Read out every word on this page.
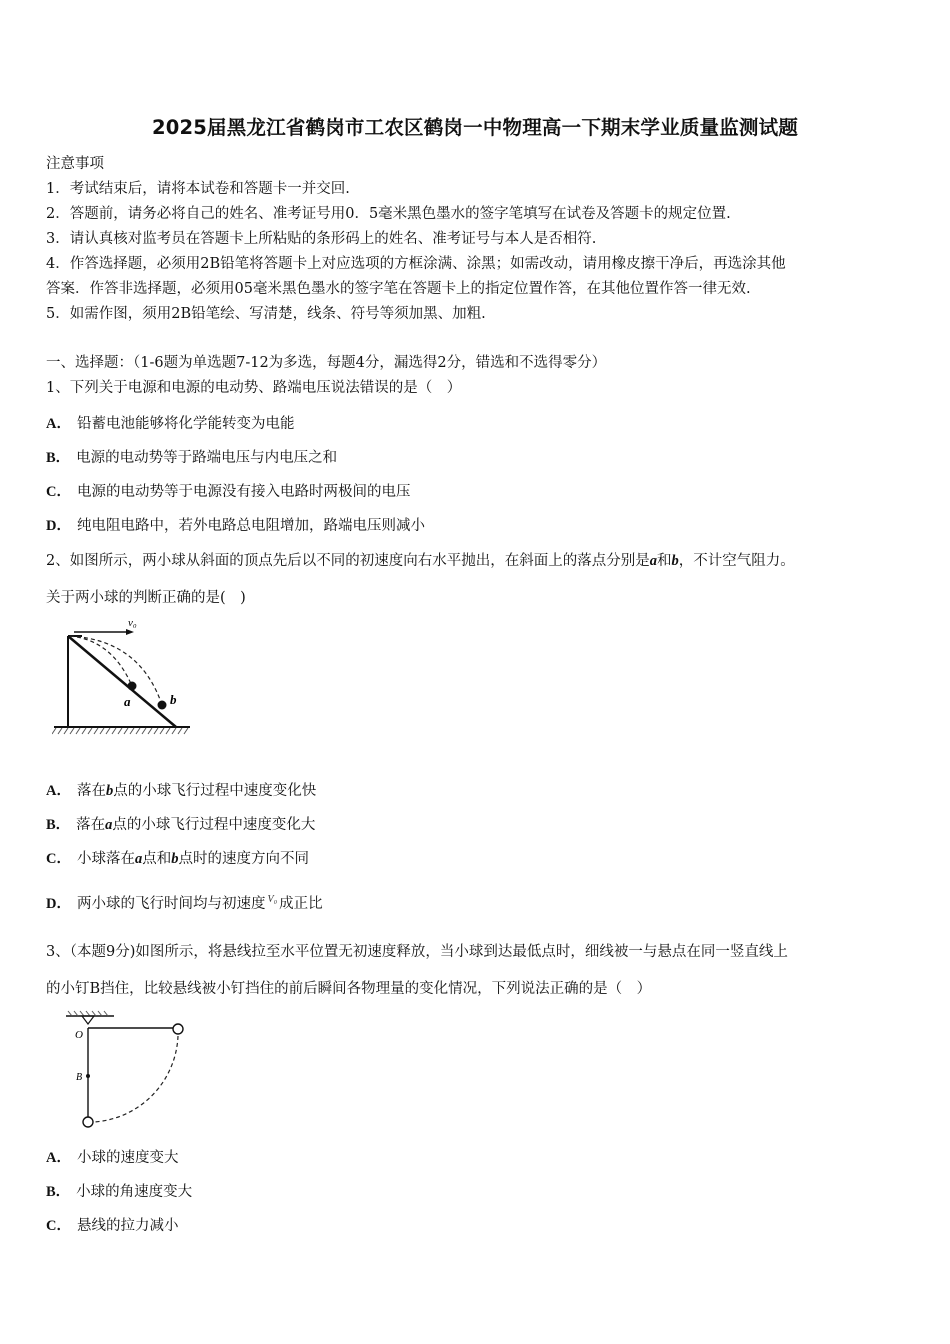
2025届黑龙江省鹤岗市工农区鹤岗一中物理高一下期末学业质量监测试题
注意事项
1．考试结束后，请将本试卷和答题卡一并交回.
2．答题前，请务必将自己的姓名、准考证号用0．5毫米黑色墨水的签字笔填写在试卷及答题卡的规定位置.
3．请认真核对监考员在答题卡上所粘贴的条形码上的姓名、准考证号与本人是否相符.
4．作答选择题，必须用2B铅笔将答题卡上对应选项的方框涂满、涂黑；如需改动，请用橡皮擦干净后，再选涂其他
答案．作答非选择题，必须用05毫米黑色墨水的签字笔在答题卡上的指定位置作答，在其他位置作答一律无效.
5．如需作图，须用2B铅笔绘、写清楚，线条、符号等须加黑、加粗.
一、选择题：（1-6题为单选题7-12为多选，每题4分，漏选得2分，错选和不选得零分）
1、下列关于电源和电源的电动势、路端电压说法错误的是（　）
A． 铅蓄电池能够将化学能转变为电能
B． 电源的电动势等于路端电压与内电压之和
C． 电源的电动势等于电源没有接入电路时两极间的电压
D． 纯电阻电路中，若外电路总电阻增加，路端电压则减小
2、如图所示，两小球从斜面的顶点先后以不同的初速度向右水平抛出，在斜面上的落点分别是a和b，不计空气阻力。
关于两小球的判断正确的是(　)
v₀
a	b
A． 落在b点的小球飞行过程中速度变化快
B． 落在a点的小球飞行过程中速度变化大
C． 小球落在a点和b点时的速度方向不同
D． 两小球的飞行时间均与初速度 $^{V_0}$ 成正比
3、（本题9分)如图所示，将悬线拉至水平位置无初速度释放，当小球到达最低点时，细线被一与悬点在同一竖直线上
的小钉B挡住，比较悬线被小钉挡住的前后瞬间各物理量的变化情况，下列说法正确的是（　）
O
B
A． 小球的速度变大
B． 小球的角速度变大
C． 悬线的拉力减小
